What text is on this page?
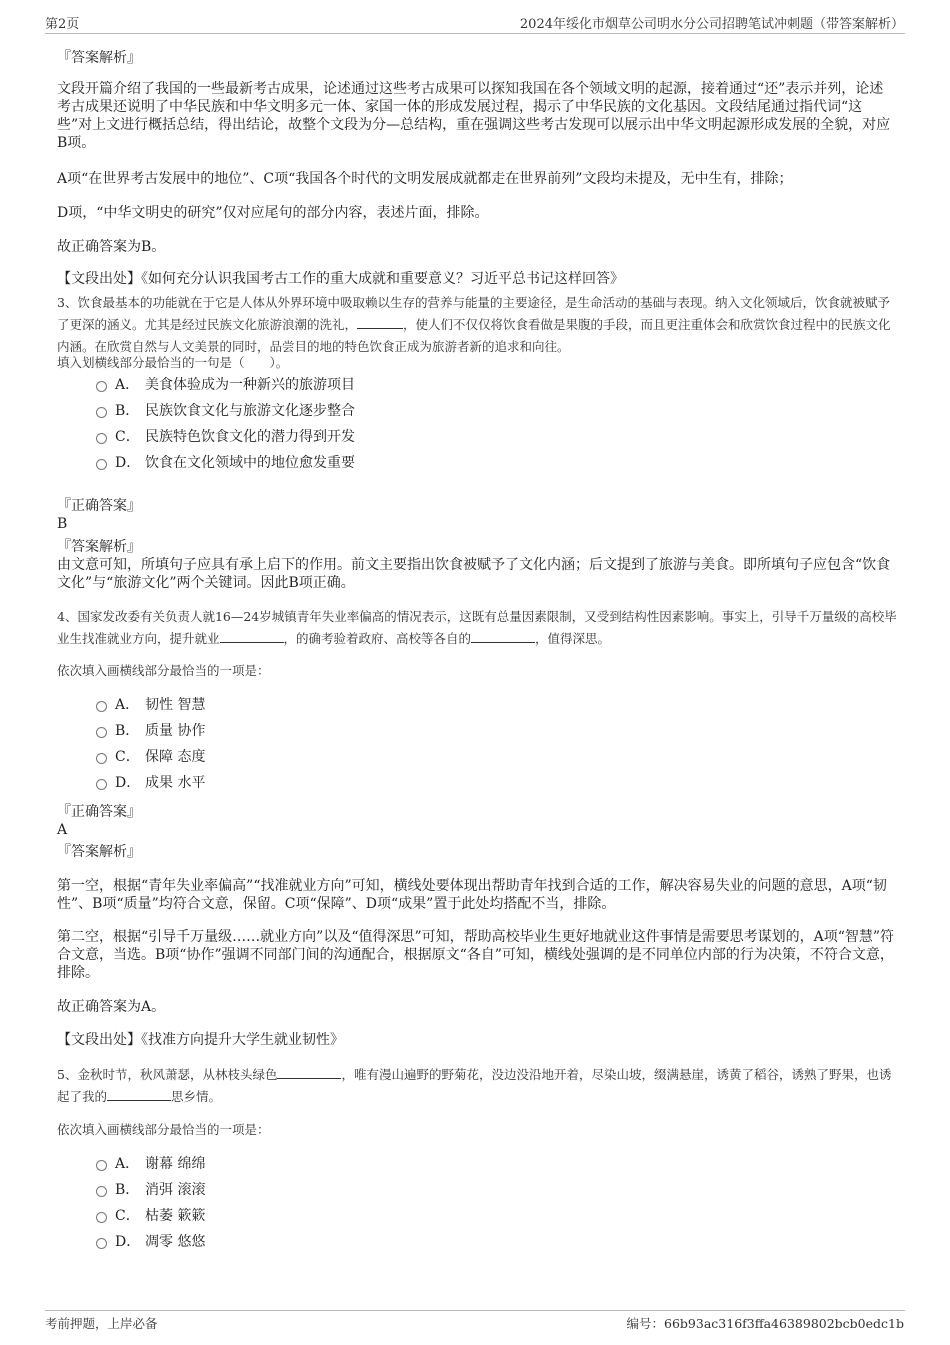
第2页	2024年绥化市烟草公司明水分公司招聘笔试冲刺题（带答案解析）
『答案解析』
文段开篇介绍了我国的一些最新考古成果，论述通过这些考古成果可以探知我国在各个领域文明的起源，接着通过“还”表示并列，论述考古成果还说明了中华民族和中华文明多元一体、家国一体的形成发展过程，揭示了中华民族的文化基因。文段结尾通过指代词“这些”对上文进行概括总结，得出结论，故整个文段为分—总结构，重在强调这些考古发现可以展示出中华文明起源形成发展的全貌，对应B项。
A项“在世界考古发展中的地位”、C项“我国各个时代的文明发展成就都走在世界前列”文段均未提及，无中生有，排除；
D项，“中华文明史的研究”仅对应尾句的部分内容，表述片面，排除。
故正确答案为B。
【文段出处】《如何充分认识我国考古工作的重大成就和重要意义？习近平总书记这样回答》
3、饮食最基本的功能就在于它是人体从外界环境中吸取赖以生存的营养与能量的主要途径，是生命活动的基础与表现。纳入文化领域后，饮食就被赋予了更深的涵义。尤其是经过民族文化旅游浪潮的洗礼，	，使人们不仅仅将饮食看做是果腹的手段，而且更注重体会和欣赏饮食过程中的民族文化内涵。在欣赏自然与人文美景的同时，品尝目的地的特色饮食正成为旅游者新的追求和向往。
填入划横线部分最恰当的一句是（　　）。
A． 美食体验成为一种新兴的旅游项目
B． 民族饮食文化与旅游文化逐步整合
C． 民族特色饮食文化的潜力得到开发
D． 饮食在文化领域中的地位愈发重要
『正确答案』
B
『答案解析』
由文意可知，所填句子应具有承上启下的作用。前文主要指出饮食被赋予了文化内涵；后文提到了旅游与美食。即所填句子应包含“饮食文化”与“旅游文化”两个关键词。因此B项正确。
4、国家发改委有关负责人就16—24岁城镇青年失业率偏高的情况表示，这既有总量因素限制，又受到结构性因素影响。事实上，引导千万量级的高校毕业生找准就业方向，提升就业	，的确考验着政府、高校等各自的	，值得深思。
依次填入画横线部分最恰当的一项是：
A． 韧性 智慧
B． 质量 协作
C． 保障 态度
D． 成果 水平
『正确答案』
A
『答案解析』
第一空，根据“青年失业率偏高”“找准就业方向”可知，横线处要体现出帮助青年找到合适的工作，解决容易失业的问题的意思，A项“韧性”、B项“质量”均符合文意，保留。C项“保障”、D项“成果”置于此处均搭配不当，排除。
第二空，根据“引导千万量级……就业方向”以及“值得深思”可知，帮助高校毕业生更好地就业这件事情是需要思考谋划的，A项“智慧”符合文意，当选。B项“协作”强调不同部门间的沟通配合，根据原文“各自”可知，横线处强调的是不同单位内部的行为决策，不符合文意，排除。
故正确答案为A。
【文段出处】《找准方向提升大学生就业韧性》
5、金秋时节，秋风萧瑟，从林枝头绿色	，唯有漫山遍野的野菊花，没边没沿地开着，尽染山坡，缀满悬崖，诱黄了稻谷，诱熟了野果，也诱起了我的	思乡情。
依次填入画横线部分最恰当的一项是：
A． 谢幕 绵绵
B． 消弭 滚滚
C． 枯萎 簌簌
D． 凋零 悠悠
考前押题，上岸必备	编号：66b93ac316f3ffa46389802bcb0edc1b
